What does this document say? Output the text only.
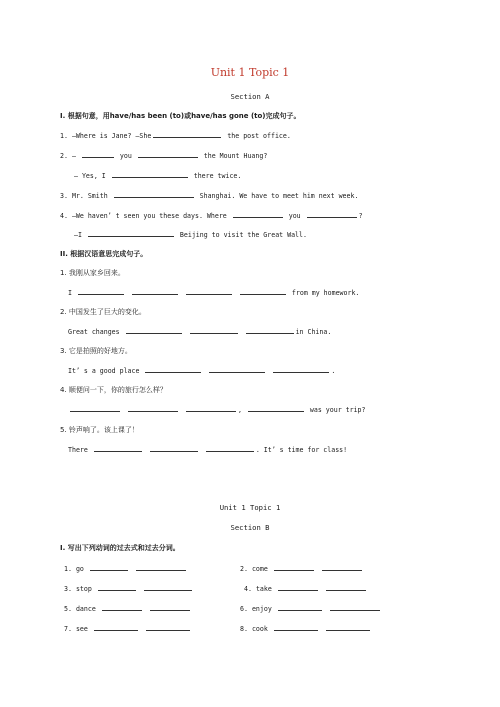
Unit 1 Topic 1
Section A
I. 根据句意，用have/has been (to)或have/has gone (to)完成句子。
1. —Where is Jane? —She	the post office.
2. —	you	the Mount Huang?
— Yes, I	there twice.
3. Mr. Smith	Shanghai. We have to meet him next week.
4. —We haven’ t seen you these days. Where	you	?
—I	Beijing to visit the Great Wall.
II. 根据汉语意思完成句子。
1. 我刚从家乡回来。
I	from my homework.
2. 中国发生了巨大的变化。
Great changes	in China.
3. 它是拍照的好地方。
It’ s a good place	.
4. 顺便问一下，你的旅行怎么样？
,	was your trip?
5. 铃声响了。该上课了！
There	. It’ s time for class!
Unit 1 Topic 1
Section B
I. 写出下列动词的过去式和过去分词。
1. go	2. come
3. stop	4. take
5. dance	6. enjoy
7. see	8. cook
